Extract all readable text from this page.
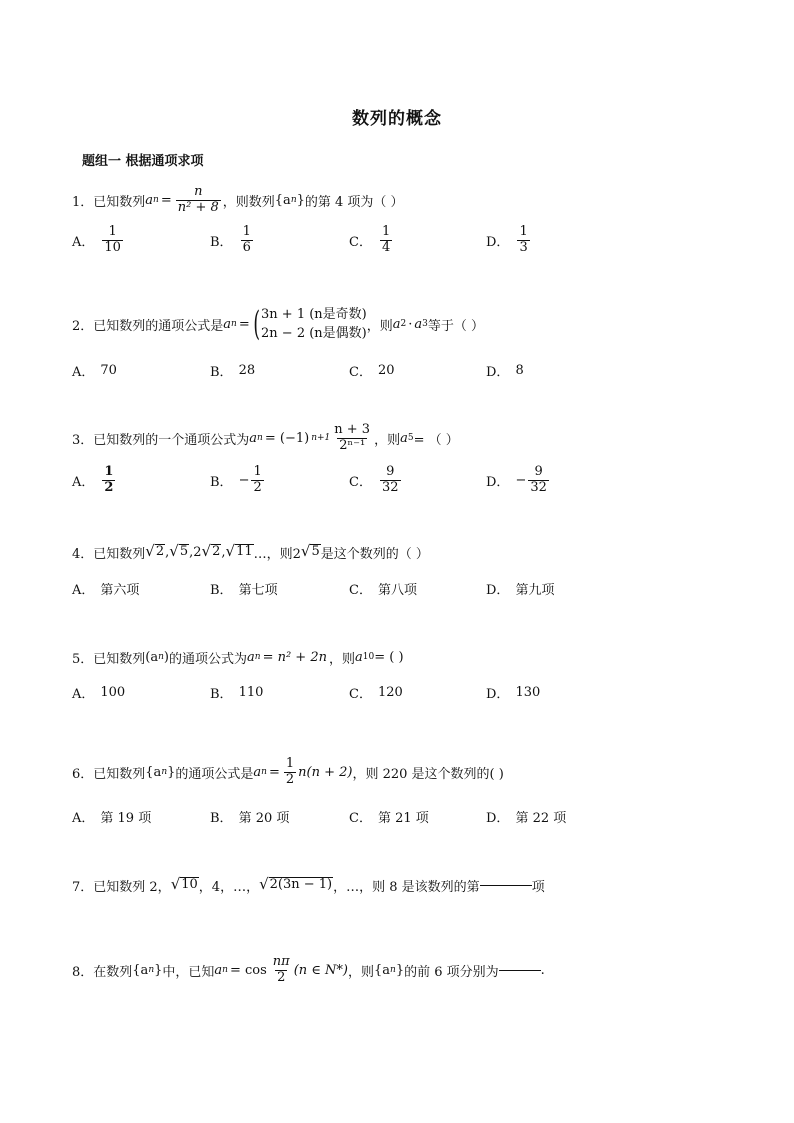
数列的概念
题组一 根据通项求项
1．已知数列 a $n = \frac{n}{\text{n² + 8}}$ ，则数列 {a n } 的第 4 项为（ ）
A． $\frac{1}{10}$	B． $\frac{1}{6}$	C． $\frac{1}{4}$	D． $\frac{1}{3}$
2．已知数列的通项公式是 a n = ( 3n + 1 (n是奇数)
2n − 2 (n是偶数) ，则 a 2 · a 3 等于（ ）
A． 70	B． 28	C． 20	D． 8
3．已知数列的一个通项公式为 a n = (−1) $n+1 \frac{n + 3}{\text{2ⁿ⁻¹}}$ ，则 a 5 = （ ）
A． $\frac{1}{2}$	B． − $\frac{1}{2}$	C． $\frac{9}{32}$	D． − $\frac{9}{32}$
4．已知数列 √ 2 , √ 5 ,2 √ 2 , √ 11 …，则2 √ 5 是这个数列的（ ）
A． 第六项	B． 第七项	C． 第八项	D． 第九项
5．已知数列 (a n ) 的通项公式为 a n = n² + 2n ，则 a 10 = ( )
A． 100	B． 110	C． 120	D． 130
6．已知数列 {a n } 的通项公式是 a $n = \frac{1}{2} n(n + 2)$ ，则 220 是这个数列的( )
A． 第 19 项	B． 第 20 项	C． 第 21 项	D． 第 22 项
7．已知数列 2， √ 10 ，4，…， √ 2(3n − 1) ，…，则 8 是该数列的第	项
8．在数列 {a n } 中，已知 a $n = \cos \frac{n\pi}{2} (n$ ∈ N*) ，则 {a n } 的前 6 项分别为	.
